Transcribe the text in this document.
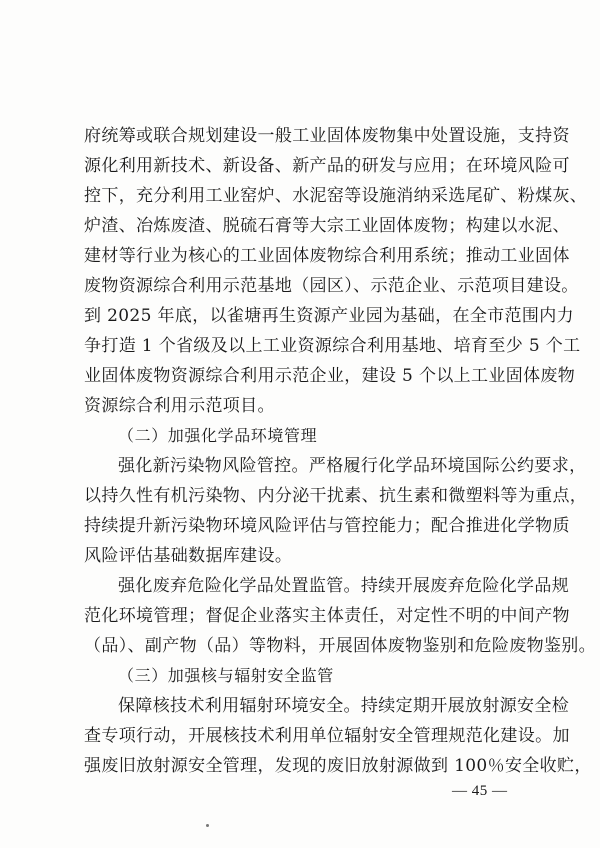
府统筹或联合规划建设一般工业固体废物集中处置设施，支持资
源化利用新技术、新设备、新产品的研发与应用；在环境风险可
控下，充分利用工业窑炉、水泥窑等设施消纳采选尾矿、粉煤灰、
炉渣、冶炼废渣、脱硫石膏等大宗工业固体废物；构建以水泥、
建材等行业为核心的工业固体废物综合利用系统；推动工业固体
废物资源综合利用示范基地（园区）、示范企业、示范项目建设。
到 2025 年底，以雀塘再生资源产业园为基础，在全市范围内力
争打造 1 个省级及以上工业资源综合利用基地、培育至少 5 个工
业固体废物资源综合利用示范企业，建设 5 个以上工业固体废物
资源综合利用示范项目。
（二）加强化学品环境管理
强化新污染物风险管控。严格履行化学品环境国际公约要求，
以持久性有机污染物、内分泌干扰素、抗生素和微塑料等为重点，
持续提升新污染物环境风险评估与管控能力；配合推进化学物质
风险评估基础数据库建设。
强化废弃危险化学品处置监管。持续开展废弃危险化学品规
范化环境管理；督促企业落实主体责任，对定性不明的中间产物
（品）、副产物（品）等物料，开展固体废物鉴别和危险废物鉴别。
（三）加强核与辐射安全监管
保障核技术利用辐射环境安全。持续定期开展放射源安全检
查专项行动，开展核技术利用单位辐射安全管理规范化建设。加
强废旧放射源安全管理，发现的废旧放射源做到 100％安全收贮，
— 45 —
